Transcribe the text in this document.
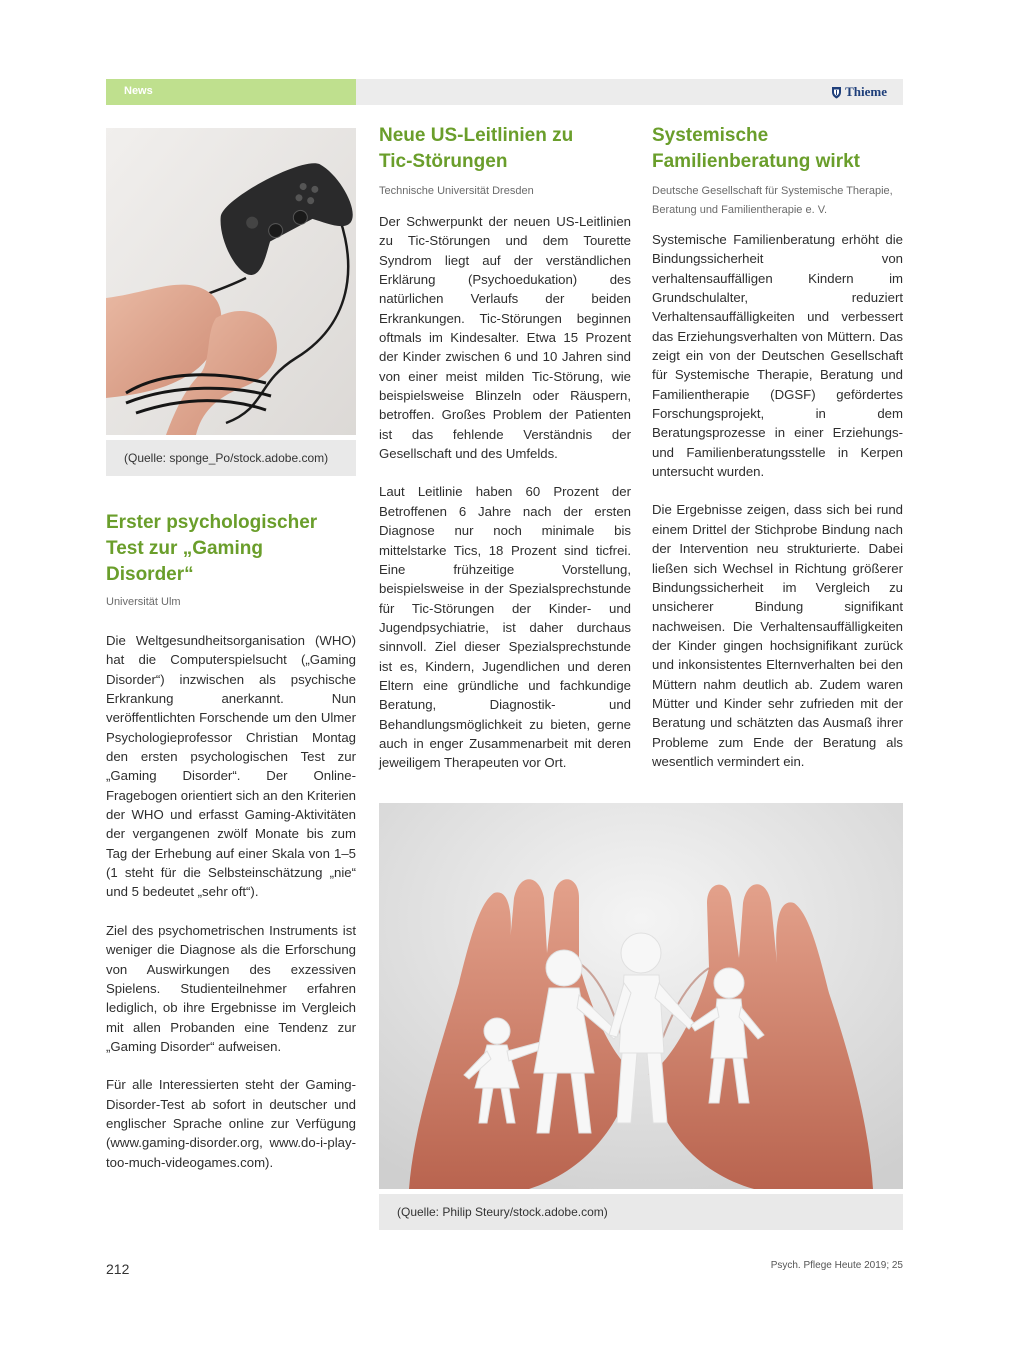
News	Thieme
(Quelle: sponge_Po/stock.adobe.com)
Erster psychologischer
Test zur „Gaming
Disorder“
Universität Ulm

Die Weltgesundheitsorganisation (WHO) hat die Computerspielsucht („Gaming Disorder“) inzwischen als psychische Erkrankung anerkannt. Nun veröffentlichten Forschende um den Ulmer Psychologieprofessor Christian Montag den ersten psychologischen Test zur „Gaming Disorder“. Der Online-Fragebogen orientiert sich an den Kriterien der WHO und erfasst Gaming-Aktivitäten der vergangenen zwölf Monate bis zum Tag der Erhebung auf einer Skala von 1–5 (1 steht für die Selbsteinschätzung „nie“ und 5 bedeutet „sehr oft“).

Ziel des psychometrischen Instruments ist weniger die Diagnose als die Erforschung von Auswirkungen des exzessiven Spielens. Studienteilnehmer erfahren lediglich, ob ihre Ergebnisse im Vergleich mit allen Probanden eine Tendenz zur „Gaming Disorder“ aufweisen.

Für alle Interessierten steht der Gaming-Disorder-Test ab sofort in deutscher und englischer Sprache online zur Verfügung (www.gaming-disorder.org, www.do-i-play-too-much-videogames.com).

Neue US-Leitlinien zu
Tic-Störungen
Technische Universität Dresden

Der Schwerpunkt der neuen US-Leitlinien zu Tic-Störungen und dem Tourette Syndrom liegt auf der verständlichen Erklärung (Psychoedukation) des natürlichen Verlaufs der beiden Erkrankungen. Tic-Störungen beginnen oftmals im Kindesalter. Etwa 15 Prozent der Kinder zwischen 6 und 10 Jahren sind von einer meist milden Tic-Störung, wie beispielsweise Blinzeln oder Räuspern, betroffen. Großes Problem der Patienten ist das fehlende Verständnis der Gesellschaft und des Umfelds.

Laut Leitlinie haben 60 Prozent der Betroffenen 6 Jahre nach der ersten Diagnose nur noch minimale bis mittelstarke Tics, 18 Prozent sind ticfrei. Eine frühzeitige Vorstellung, beispielsweise in der Spezialsprechstunde für Tic-Störungen der Kinder- und Jugendpsychiatrie, ist daher durchaus sinnvoll. Ziel dieser Spezialsprechstunde ist es, Kindern, Jugendlichen und deren Eltern eine gründliche und fachkundige Beratung, Diagnostik- und Behandlungsmöglichkeit zu bieten, gerne auch in enger Zusammenarbeit mit deren jeweiligem Therapeuten vor Ort.

Systemische
Familienberatung wirkt
Deutsche Gesellschaft für Systemische Therapie,
Beratung und Familientherapie e. V.

Systemische Familienberatung erhöht die Bindungssicherheit von verhaltensauffälligen Kindern im Grundschulalter, reduziert Verhaltensauffälligkeiten und verbessert das Erziehungsverhalten von Müttern. Das zeigt ein von der Deutschen Gesellschaft für Systemische Therapie, Beratung und Familientherapie (DGSF) gefördertes Forschungsprojekt, in dem Beratungsprozesse in einer Erziehungs- und Familienberatungsstelle in Kerpen untersucht wurden.

Die Ergebnisse zeigen, dass sich bei rund einem Drittel der Stichprobe Bindung nach der Intervention neu strukturierte. Dabei ließen sich Wechsel in Richtung größerer Bindungssicherheit im Vergleich zu unsicherer Bindung signifikant nachweisen. Die Verhaltensauffälligkeiten der Kinder gingen hochsignifikant zurück und inkonsistentes Elternverhalten bei den Müttern nahm deutlich ab. Zudem waren Mütter und Kinder sehr zufrieden mit der Beratung und schätzten das Ausmaß ihrer Probleme zum Ende der Beratung als wesentlich vermindert ein.

(Quelle: Philip Steury/stock.adobe.com)
212	Psych. Pflege Heute 2019; 25
